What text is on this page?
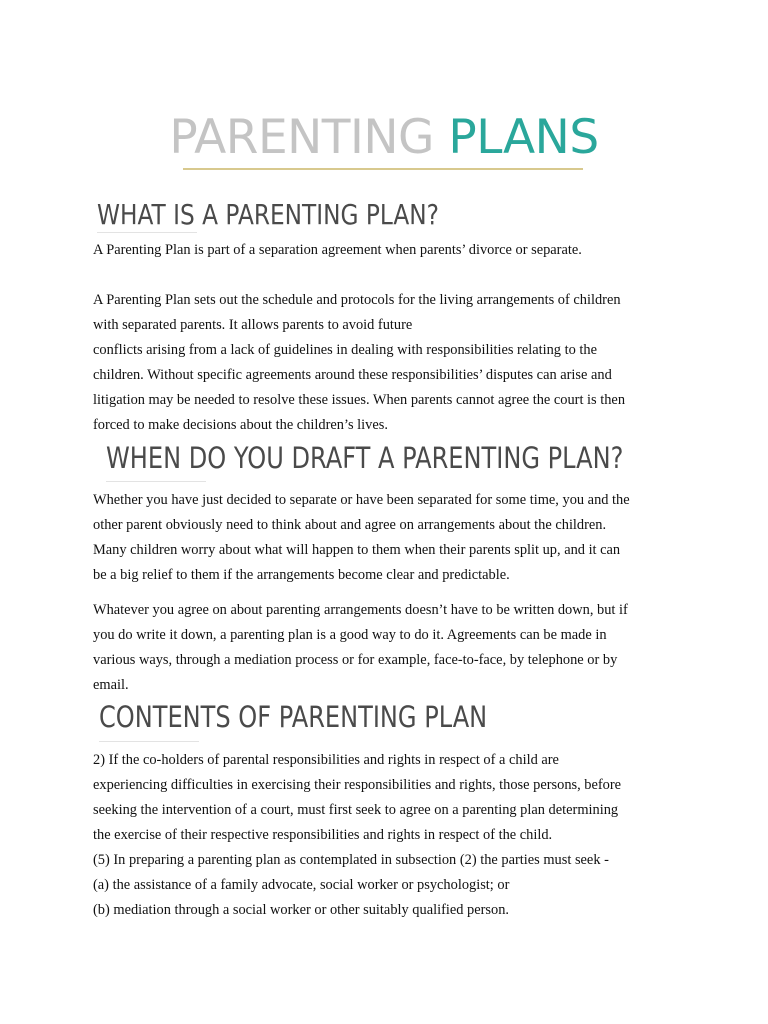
PARENTING PLANS
WHAT IS A PARENTING PLAN?

A Parenting Plan is part of a separation agreement when parents’ divorce or separate.

A Parenting Plan sets out the schedule and protocols for the living arrangements of children
with separated parents. It allows parents to avoid future
conflicts arising from a lack of guidelines in dealing with responsibilities relating to the
children. Without specific agreements around these responsibilities’ disputes can arise and
litigation may be needed to resolve these issues. When parents cannot agree the court is then
forced to make decisions about the children’s lives.

WHEN DO YOU DRAFT A PARENTING PLAN?

Whether you have just decided to separate or have been separated for some time, you and the
other parent obviously need to think about and agree on arrangements about the children.
Many children worry about what will happen to them when their parents split up, and it can
be a big relief to them if the arrangements become clear and predictable.

Whatever you agree on about parenting arrangements doesn’t have to be written down, but if
you do write it down, a parenting plan is a good way to do it. Agreements can be made in
various ways, through a mediation process or for example, face-to-face, by telephone or by
email.

CONTENTS OF PARENTING PLAN

2) If the co-holders of parental responsibilities and rights in respect of a child are
experiencing difficulties in exercising their responsibilities and rights, those persons, before
seeking the intervention of a court, must first seek to agree on a parenting plan determining
the exercise of their respective responsibilities and rights in respect of the child.
(5) In preparing a parenting plan as contemplated in subsection (2) the parties must seek -
(a) the assistance of a family advocate, social worker or psychologist; or
(b) mediation through a social worker or other suitably qualified person.
